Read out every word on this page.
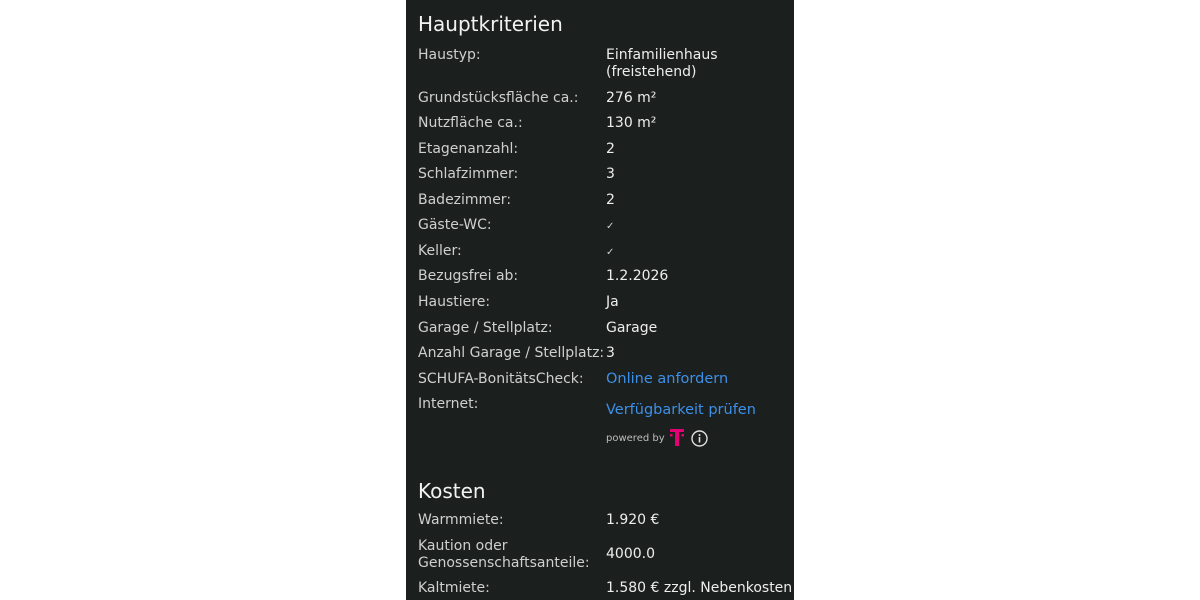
Hauptkriterien
Haustyp:	Einfamilienhaus (freistehend)
Grundstücksfläche ca.:	276 m²
Nutzfläche ca.:	130 m²
Etagenanzahl:	2
Schlafzimmer:	3
Badezimmer:	2
Gäste-WC:	✓
Keller:	✓
Bezugsfrei ab:	1.2.2026
Haustiere:	Ja
Garage / Stellplatz:	Garage
Anzahl Garage / Stellplatz: 3
SCHUFA-BonitätsCheck:	Online anfordern
Internet:	Verfügbarkeit prüfen
powered by
Kosten
Warmmiete:	1.920 €
Kaution oder Genossenschaftsanteile:
4000.0
Kaltmiete:	1.580 € zzgl. Nebenkosten
